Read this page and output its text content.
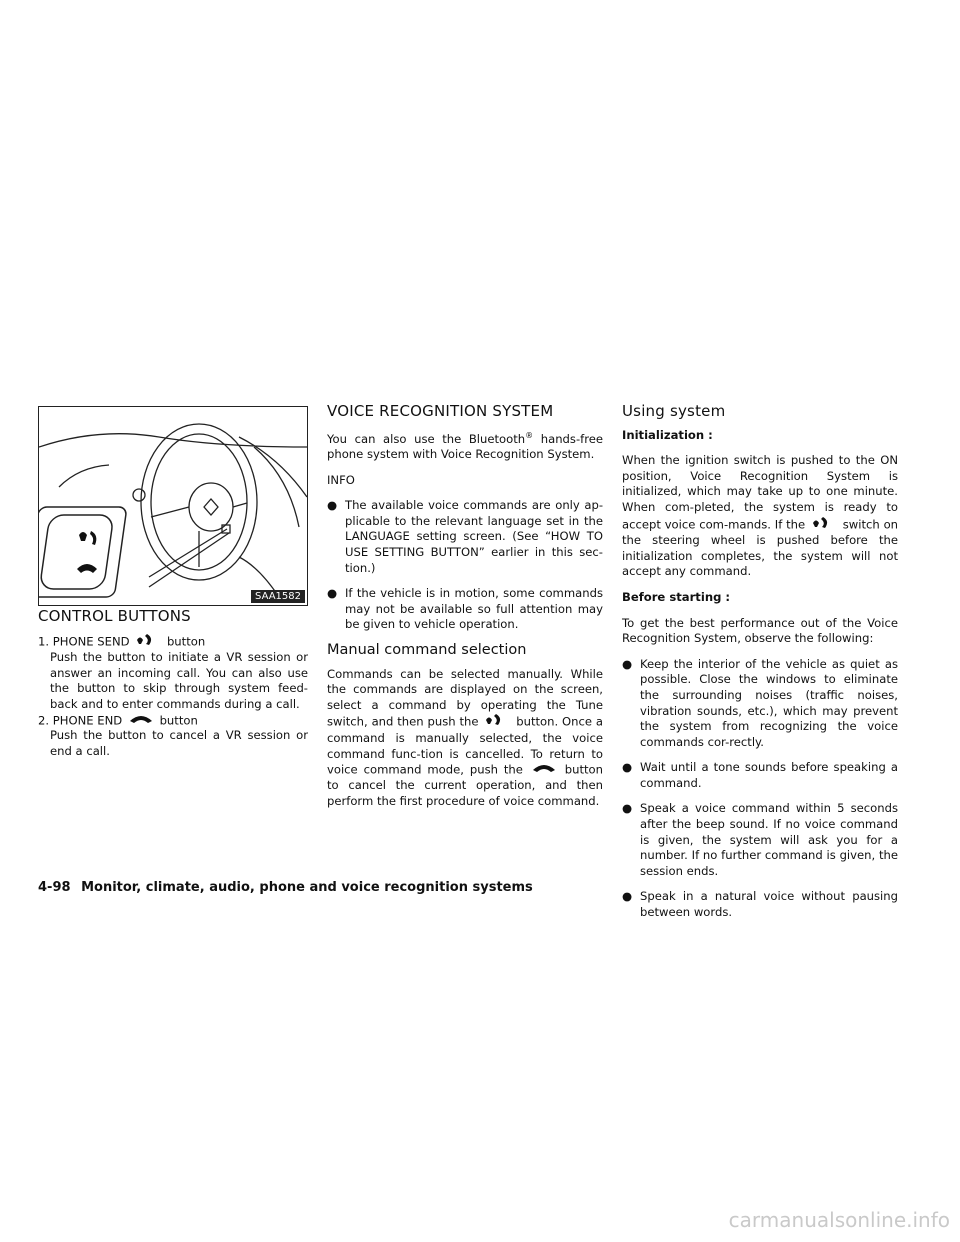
SAA1582
CONTROL BUTTONS

1. PHONE SEND	button

Push the button to initiate a VR session or answer an incoming call. You can also use the button to skip through system feed-back and to enter commands during a call.

2. PHONE END	button

Push the button to cancel a VR session or end a call.

VOICE RECOGNITION SYSTEM

You can also use the Bluetooth® hands-free phone system with Voice Recognition System.

INFO

● The available voice commands are only ap-plicable to the relevant language set in the LANGUAGE setting screen. (See “HOW TO USE SETTING BUTTON” earlier in this sec-tion.)
● If the vehicle is in motion, some commands may not be available so full attention may be given to vehicle operation.
Manual command selection

Commands can be selected manually. While the commands are displayed on the screen, select a command by operating the Tune switch, and then push the	button. Once a command is manually selected, the voice command func-tion is cancelled. To return to voice command mode, push the	button to cancel the current operation, and then perform the first procedure of voice command.

Using system

Initialization :

When the ignition switch is pushed to the ON position, Voice Recognition System is initialized, which may take up to one minute. When com-pleted, the system is ready to accept voice com-mands. If the	switch on the steering wheel is pushed before the initialization completes, the system will not accept any command.

Before starting :

To get the best performance out of the Voice Recognition System, observe the following:

● Keep the interior of the vehicle as quiet as possible. Close the windows to eliminate the surrounding noises (traffic noises, vibration sounds, etc.), which may prevent the system from recognizing the voice commands cor-rectly.
● Wait until a tone sounds before speaking a command.
● Speak a voice command within 5 seconds after the beep sound. If no voice command is given, the system will ask you for a number. If no further command is given, the session ends.
● Speak in a natural voice without pausing between words.
4-98 Monitor, climate, audio, phone and voice recognition systems
carmanualsonline.info
